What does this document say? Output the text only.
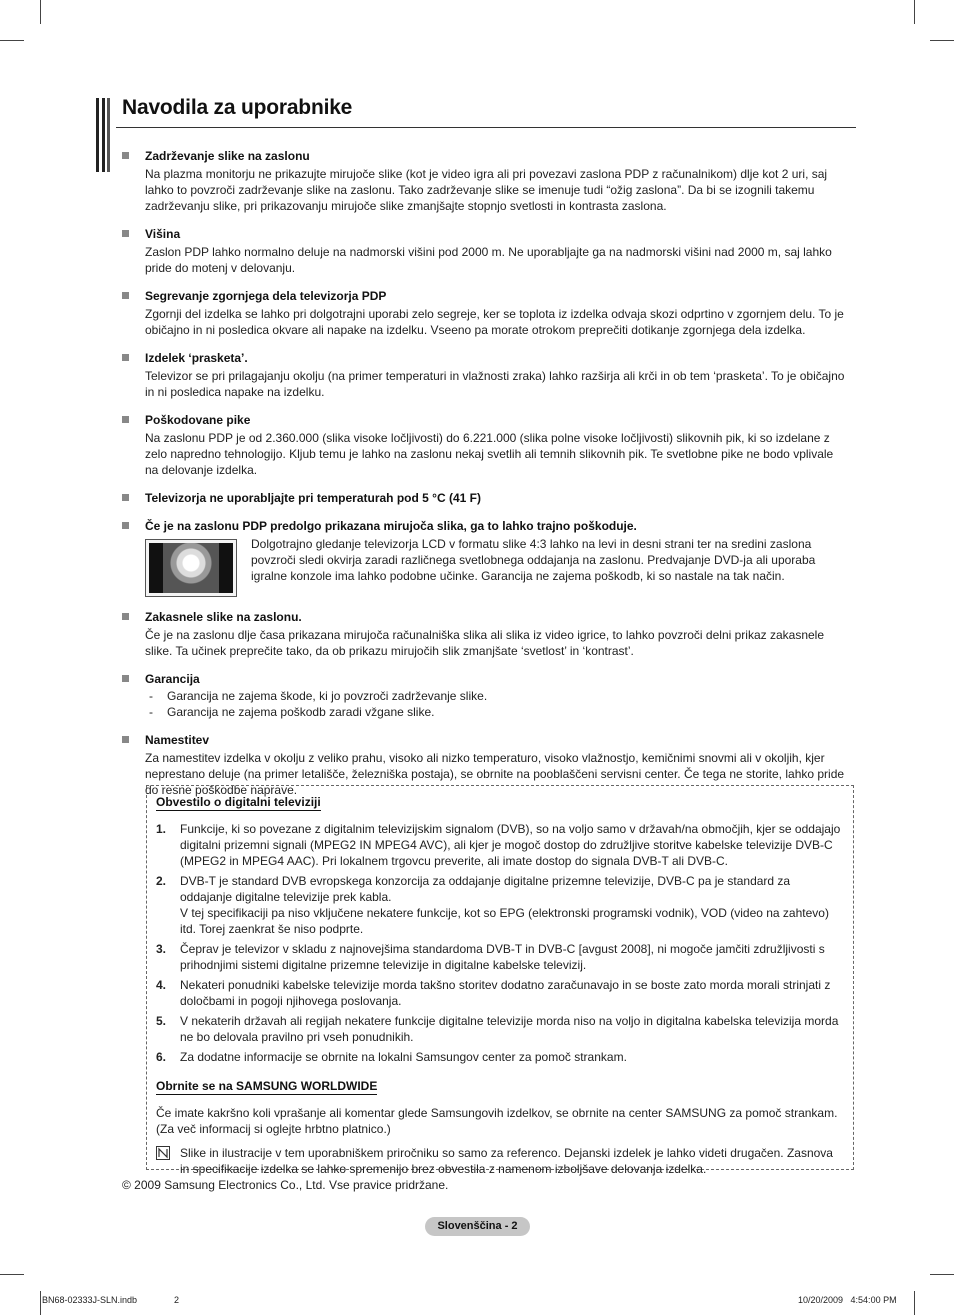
Navodila za uporabnike
Zadrževanje slike na zaslonu
Na plazma monitorju ne prikazujte mirujoče slike (kot je video igra ali pri povezavi zaslona PDP z računalnikom) dlje kot 2 uri, saj lahko to povzroči zadrževanje slike na zaslonu. Tako zadrževanje slike se imenuje tudi “ožig zaslona”. Da bi se izognili takemu zadrževanju slike, pri prikazovanju mirujoče slike zmanjšajte stopnjo svetlosti in kontrasta zaslona.
Višina
Zaslon PDP lahko normalno deluje na nadmorski višini pod 2000 m. Ne uporabljajte ga na nadmorski višini nad 2000 m, saj lahko pride do motenj v delovanju.
Segrevanje zgornjega dela televizorja PDP
Zgornji del izdelka se lahko pri dolgotrajni uporabi zelo segreje, ker se toplota iz izdelka odvaja skozi odprtino v zgornjem delu. To je običajno in ni posledica okvare ali napake na izdelku. Vseeno pa morate otrokom preprečiti dotikanje zgornjega dela izdelka.
Izdelek ‘prasketa’.
Televizor se pri prilagajanju okolju (na primer temperaturi in vlažnosti zraka) lahko razširja ali krči in ob tem ‘prasketa’. To je običajno in ni posledica napake na izdelku.
Poškodovane pike
Na zaslonu PDP je od 2.360.000 (slika visoke ločljivosti) do 6.221.000 (slika polne visoke ločljivosti) slikovnih pik, ki so izdelane z zelo napredno tehnologijo. Kljub temu je lahko na zaslonu nekaj svetlih ali temnih slikovnih pik. Te svetlobne pike ne bodo vplivale na delovanje izdelka.
Televizorja ne uporabljajte pri temperaturah pod 5 °C (41 F)
Če je na zaslonu PDP predolgo prikazana mirujoča slika, ga to lahko trajno poškoduje.
Dolgotrajno gledanje televizorja LCD v formatu slike 4:3 lahko na levi in desni strani ter na sredini zaslona povzroči sledi okvirja zaradi različnega svetlobnega oddajanja na zaslonu. Predvajanje DVD-ja ali uporaba igralne konzole ima lahko podobne učinke. Garancija ne zajema poškodb, ki so nastale na tak način.
Zakasnele slike na zaslonu.
Če je na zaslonu dlje časa prikazana mirujoča računalniška slika ali slika iz video igrice, to lahko povzroči delni prikaz zakasnele slike. Ta učinek preprečite tako, da ob prikazu mirujočih slik zmanjšate ‘svetlost’ in ‘kontrast’.
Garancija
-	Garancija ne zajema škode, ki jo povzroči zadrževanje slike.
-	Garancija ne zajema poškodb zaradi vžgane slike.
Namestitev
Za namestitev izdelka v okolju z veliko prahu, visoko ali nizko temperaturo, visoko vlažnostjo, kemičnimi snovmi ali v okoljih, kjer neprestano deluje (na primer letališče, železniška postaja), se obrnite na pooblaščeni servisni center. Če tega ne storite, lahko pride do resne poškodbe naprave.
Obvestilo o digitalni televiziji
1.	Funkcije, ki so povezane z digitalnim televizijskim signalom (DVB), so na voljo samo v državah/na območjih, kjer se oddajajo digitalni prizemni signali (MPEG2 IN MPEG4 AVC), ali kjer je mogoč dostop do združljive storitve kabelske televizije DVB-C (MPEG2 in MPEG4 AAC). Pri lokalnem trgovcu preverite, ali imate dostop do signala DVB-T ali DVB-C.
2.	DVB-T je standard DVB evropskega konzorcija za oddajanje digitalne prizemne televizije, DVB-C pa je standard za oddajanje digitalne televizije prek kabla.
V tej specifikaciji pa niso vključene nekatere funkcije, kot so EPG (elektronski programski vodnik), VOD (video na zahtevo) itd. Torej zaenkrat še niso podprte.
3.	Čeprav je televizor v skladu z najnovejšima standardoma DVB-T in DVB-C [avgust 2008], ni mogoče jamčiti združljivosti s prihodnjimi sistemi digitalne prizemne televizije in digitalne kabelske televizij.
4.	Nekateri ponudniki kabelske televizije morda takšno storitev dodatno zaračunavajo in se boste zato morda morali strinjati z določbami in pogoji njihovega poslovanja.
5.	V nekaterih državah ali regijah nekatere funkcije digitalne televizije morda niso na voljo in digitalna kabelska televizija morda ne bo delovala pravilno pri vseh ponudnikih.
6.	Za dodatne informacije se obrnite na lokalni Samsungov center za pomoč strankam.
Obrnite se na SAMSUNG WORLDWIDE
Če imate kakršno koli vprašanje ali komentar glede Samsungovih izdelkov, se obrnite na center SAMSUNG za pomoč strankam. (Za več informacij si oglejte hrbtno platnico.)
Slike in ilustracije v tem uporabniškem priročniku so samo za referenco. Dejanski izdelek je lahko videti drugačen. Zasnova in specifikacije izdelka se lahko spremenijo brez obvestila z namenom izboljšave delovanja izdelka.
© 2009 Samsung Electronics Co., Ltd. Vse pravice pridržane.
Slovenščina - 2
BN68-02333J-SLN.indb	2	10/20/2009   4:54:00 PM
